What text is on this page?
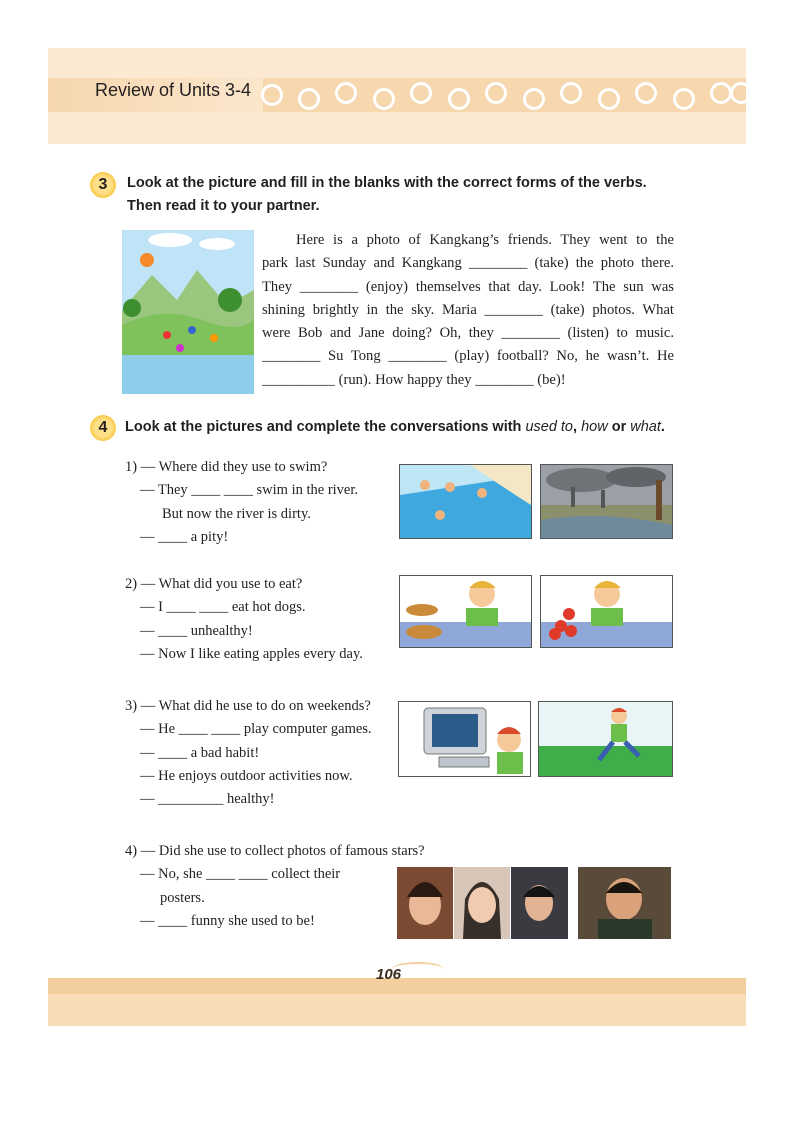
Review of Units 3-4
3	Look at the picture and fill in the blanks with the correct forms of the verbs.
Then read it to your partner.
Here is a photo of Kangkang’s friends. They went to the
park last Sunday and Kangkang ________ (take) the photo there.
They ________ (enjoy) themselves that day. Look! The sun was
shining brightly in the sky. Maria ________ (take) photos. What
were Bob and Jane doing? Oh, they ________ (listen) to music.
________ Su Tong ________ (play) football? No, he wasn’t. He
__________ (run). How happy they ________ (be)!
4	Look at the pictures and complete the conversations with used to, how or what.
1) — Where did they use to swim?
— They ____ ____ swim in the river.
But now the river is dirty.
— ____ a pity!
2) — What did you use to eat?
— I ____ ____ eat hot dogs.
— ____ unhealthy!
— Now I like eating apples every day.
3) — What did he use to do on weekends?
— He ____ ____ play computer games.
— ____ a bad habit!
— He enjoys outdoor activities now.
— _________ healthy!
4) — Did she use to collect photos of famous stars?
— No, she ____ ____ collect their
posters.
— ____ funny she used to be!
106
